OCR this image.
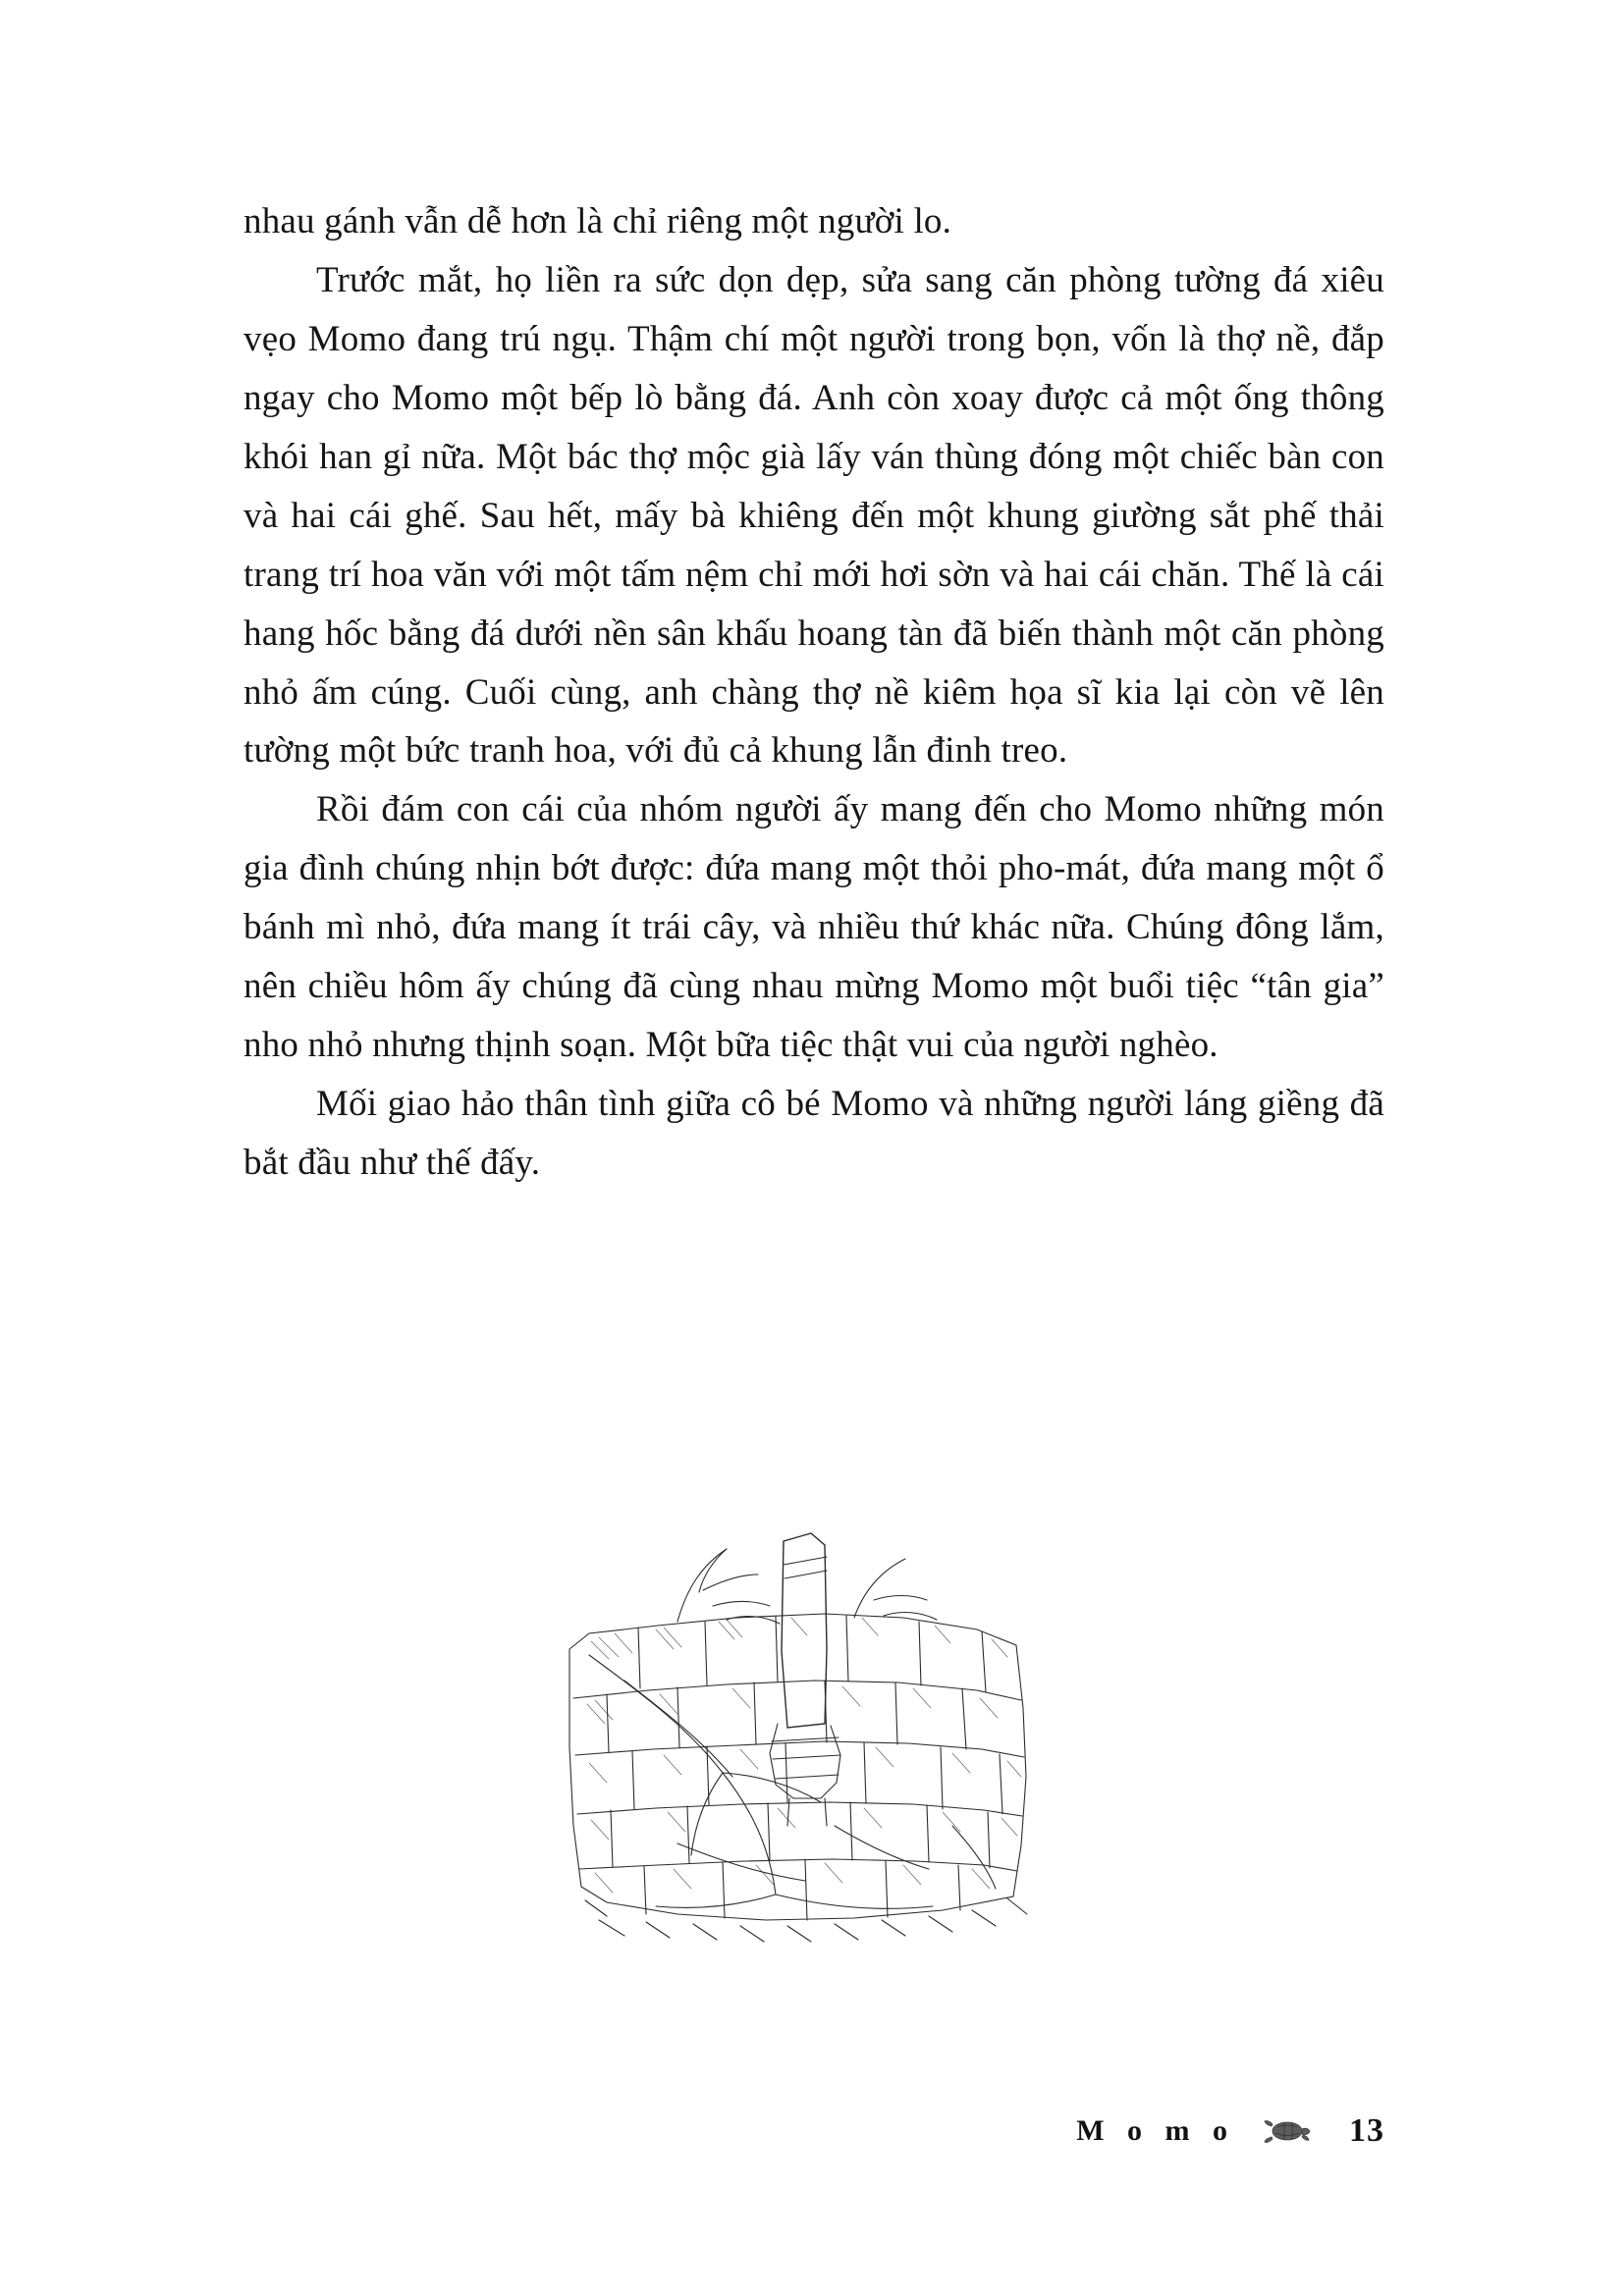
nhau gánh vẫn dễ hơn là chỉ riêng một người lo.

Trước mắt, họ liền ra sức dọn dẹp, sửa sang căn phòng tường đá xiêu vẹo Momo đang trú ngụ. Thậm chí một người trong bọn, vốn là thợ nề, đắp ngay cho Momo một bếp lò bằng đá. Anh còn xoay được cả một ống thông khói han gỉ nữa. Một bác thợ mộc già lấy ván thùng đóng một chiếc bàn con và hai cái ghế. Sau hết, mấy bà khiêng đến một khung giường sắt phế thải trang trí hoa văn với một tấm nệm chỉ mới hơi sờn và hai cái chăn. Thế là cái hang hốc bằng đá dưới nền sân khấu hoang tàn đã biến thành một căn phòng nhỏ ấm cúng. Cuối cùng, anh chàng thợ nề kiêm họa sĩ kia lại còn vẽ lên tường một bức tranh hoa, với đủ cả khung lẫn đinh treo.

Rồi đám con cái của nhóm người ấy mang đến cho Momo những món gia đình chúng nhịn bớt được: đứa mang một thỏi pho-mát, đứa mang một ổ bánh mì nhỏ, đứa mang ít trái cây, và nhiều thứ khác nữa. Chúng đông lắm, nên chiều hôm ấy chúng đã cùng nhau mừng Momo một buổi tiệc “tân gia” nho nhỏ nhưng thịnh soạn. Một bữa tiệc thật vui của người nghèo.

Mối giao hảo thân tình giữa cô bé Momo và những người láng giềng đã bắt đầu như thế đấy.

M o m o	13
